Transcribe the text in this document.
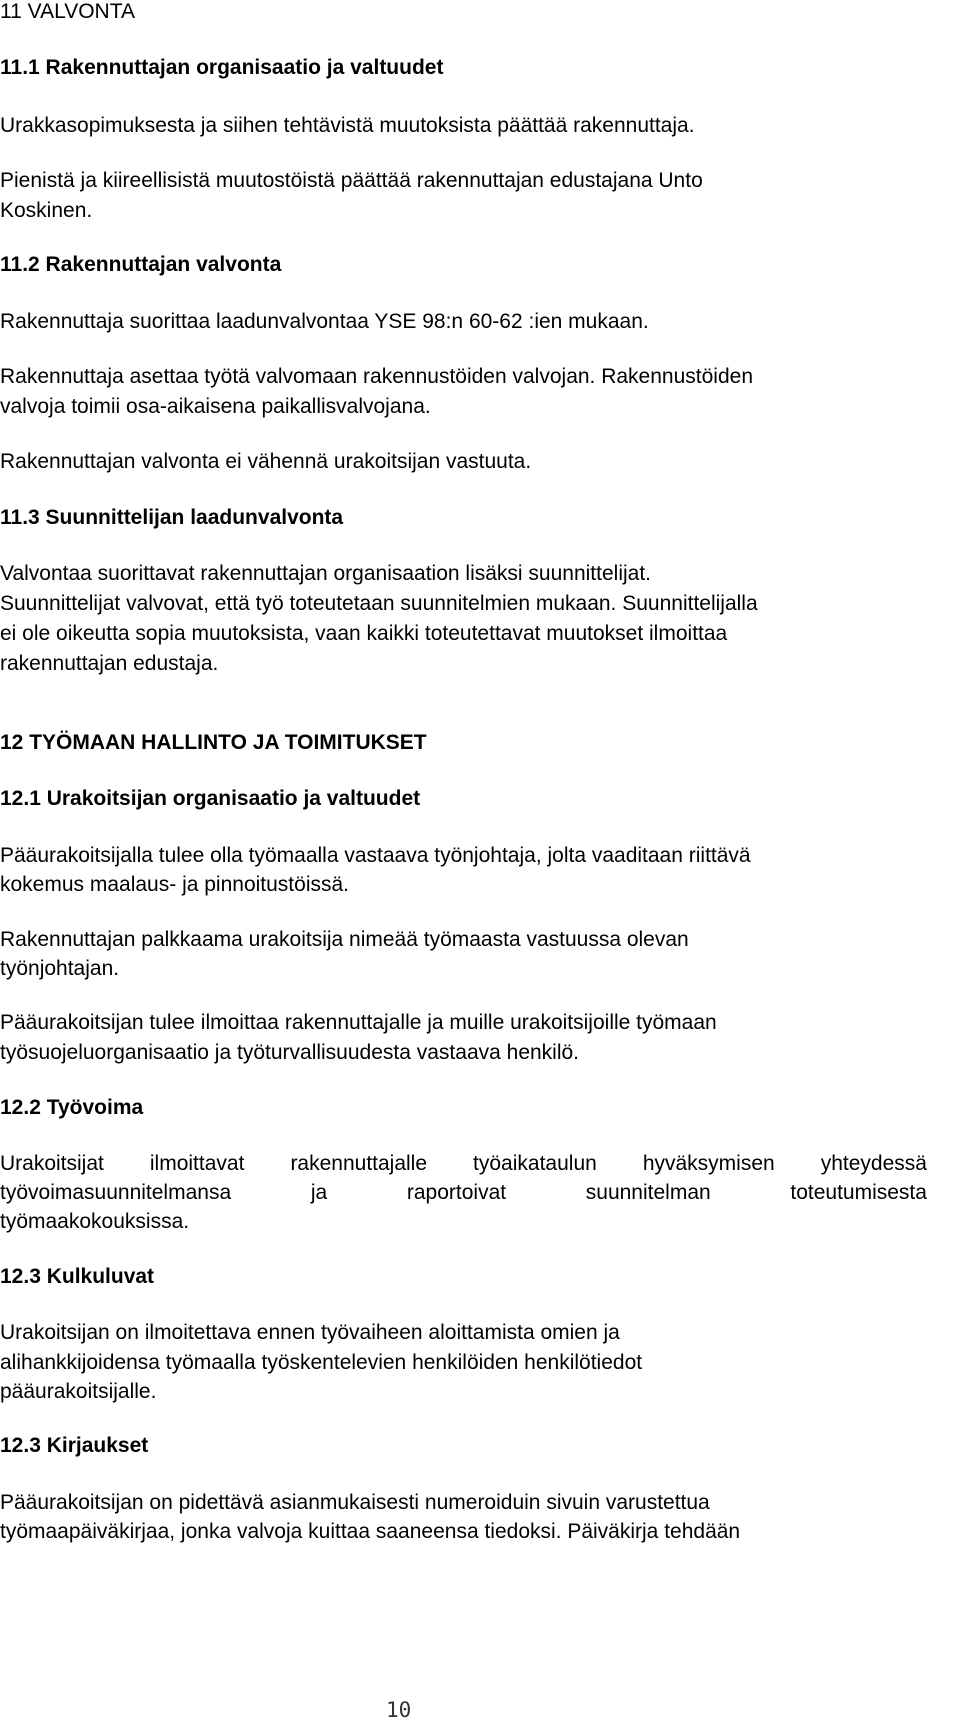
11 VALVONTA

11.1 Rakennuttajan organisaatio ja valtuudet

Urakkasopimuksesta ja siihen tehtävistä muutoksista päättää rakennuttaja.

Pienistä ja kiireellisistä muutostöistä päättää rakennuttajan edustajana Unto

Koskinen.

11.2 Rakennuttajan valvonta

Rakennuttaja suorittaa laadunvalvontaa YSE 98:n 60-62 :ien mukaan.

Rakennuttaja asettaa työtä valvomaan rakennustöiden valvojan. Rakennustöiden

valvoja toimii osa-aikaisena paikallisvalvojana.

Rakennuttajan valvonta ei vähennä urakoitsijan vastuuta.

11.3 Suunnittelijan laadunvalvonta

Valvontaa suorittavat rakennuttajan organisaation lisäksi suunnittelijat.

Suunnittelijat valvovat, että työ toteutetaan suunnitelmien mukaan. Suunnittelijalla

ei ole oikeutta sopia muutoksista, vaan kaikki toteutettavat muutokset ilmoittaa

rakennuttajan edustaja.

12 TYÖMAAN HALLINTO JA TOIMITUKSET

12.1 Urakoitsijan organisaatio ja valtuudet

Pääurakoitsijalla tulee olla työmaalla vastaava työnjohtaja, jolta vaaditaan riittävä

kokemus maalaus- ja pinnoitustöissä.

Rakennuttajan palkkaama urakoitsija nimeää työmaasta vastuussa olevan

työnjohtajan.

Pääurakoitsijan tulee ilmoittaa rakennuttajalle ja muille urakoitsijoille työmaan

työsuojeluorganisaatio ja työturvallisuudesta vastaava henkilö.

12.2 Työvoima

Urakoitsijat ilmoittavat rakennuttajalle työaikataulun hyväksymisen yhteydessä
työvoimasuunnitelmansa	ja	raportoivat	suunnitelman	toteutumisesta

työmaakokouksissa.

12.3 Kulkuluvat

Urakoitsijan on ilmoitettava ennen työvaiheen aloittamista omien ja

alihankkijoidensa työmaalla työskentelevien henkilöiden henkilötiedot

pääurakoitsijalle.

12.3 Kirjaukset

Pääurakoitsijan on pidettävä asianmukaisesti numeroiduin sivuin varustettua

työmaapäiväkirjaa, jonka valvoja kuittaa saaneensa tiedoksi. Päiväkirja tehdään

10
